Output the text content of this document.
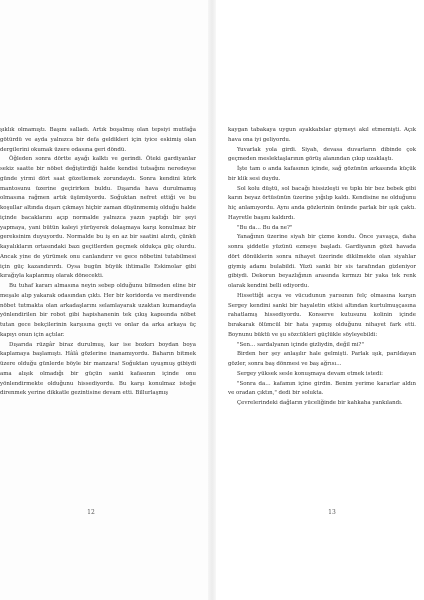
şıklık olmamıştı. Başını salladı. Artık boşalmış olan tepsiyi mutfağa götürdü ve ayda yalnızca bir defa geldikleri için iyice eskimiş olan dergilerini okumak üzere odasına geri döndü.

Öğleden sonra dörtte ayağı kalktı ve gerindi. Öteki gardiyanlar sekiz saatte bir nöbet değiştirdiği halde kendisi tutsağını neredeyse günde yirmi dört saat gözetlemek zorundaydı. Sonra kendini kürk mantosunu üzerine geçirirken buldu. Dışarıda hava durulmamış olmasına rağmen artık üşümüyordu. Soğuktan nefret ettiği ve bu koşullar altında dışarı çıkmayı hiçbir zaman düşünmemiş olduğu halde içinde bacaklarını açıp normalde yalnızca yazın yaptığı bir şeyi yapmaya, yani bütün kaleyi yürüyerek dolaşmaya karşı konulmaz bir gereksinim duyuyordu. Normalde bu iş en az bir saatini alırdı, çünkü kayalıkların ortasındaki bazı geçitlerden geçmek oldukça güç olurdu. Ancak yine de yürümek onu canlandırır ve gece nöbetini tutabilmesi için güç kazandırırdı. Oysa bugün büyük ihtimalle Eskimolar gibi kırağıyla kaplanmış olarak dönecekti.

Bu tuhaf kararı almasına neyin sebep olduğunu bilmeden eline bir meşale alıp yakarak odasından çıktı. Her bir koridorda ve merdivende nöbet tutmakta olan arkadaşlarını selamlayarak uzaktan kumandayla yönlendirilen bir robot gibi hapishanenin tek çıkış kapısında nöbet tutan gece bekçilerinin karşısına geçti ve onlar da arka arkaya üç kapıyı onun için açtılar.

Dışarıda rüzgâr biraz durulmuş, kar ise bozkırı boydan boya kaplamaya başlamıştı. Hâlâ gözlerine inanamıyordu. Baharın bitmek üzere olduğu günlerde böyle bir manzara! Soğuktan uyuşmuş gibiydi ama alışık olmadığı bir güçün sanki kafasının içinde onu yönlendirmekte olduğunu hissediyordu. Bu karşı konulmaz isteğe direnmek yerine dikkatle gezintisine devam etti. Billurlaşmış

12

kaygan tabakaya uygun ayakkabılar giymeyi akıl etmemişti. Açık hava ona iyi geliyordu.

Yuvarlak yola girdi. Siyah, devasa duvarların dibinde çok geçmeden meslektaşlarının görüş alanından çıkıp uzaklaştı.

İşte tam o anda kafasının içinde, sağ gözünün arkasında küçük bir klik sesi duydu.

Sol kolu düştü, sol bacağı hissizleşti ve tıpkı bir bez bebek gibi karın beyaz örtüsünün üzerine yığılıp kaldı. Kendisine ne olduğunu hiç anlamıyordu. Aynı anda gözlerinin önünde parlak bir ışık çaktı. Hayretle başını kaldırdı.

"Bu da… Bu da ne?"

Yanağının üzerine siyah bir çizme kondu. Önce yavaşça, daha sonra şiddetle yüzünü ezmeye başladı. Gardiyanın gözü havada dört dönüklerin sonra nihayet üzerinde dikilmekte olan siyahlar giymiş adamı bulabildi. Yüzü sanki bir sis tarafından gizleniyor gibiydi. Dekorun beyazlığının arasında kırmızı bir yaka tek renk olarak kendini belli ediyordu.

Hissettiği acıya ve vücudunun yarısının felç olmasına karşın Sergey kendini sanki bir hayaletin etkisi altından kurtulmuşçasına rahatlamış hissediyordu. Konserve kutusunu kolinin içinde bırakarak ölümcül bir hata yapmış olduğunu nihayet fark etti. Boynunu büktü ve şu sözcükleri güçlükle söyleyebildi:

"Sen… sardalyanın içinde gizliydin, değil mi?"

Birden her şey anlaşılır hale gelmişti. Parlak ışık, parıldayan gözler, sonra baş dönmesi ve baş ağrısı…

Sergey yüksek sesle konuşmaya devam etmek istedi:

"Sonra da… kafamın içine girdin. Benim yerime kararlar aldın ve oradan çıktın," dedi bir solukta.

Çevrelerindeki dağların yüceliğinde bir kahkaha yankılandı.

13
